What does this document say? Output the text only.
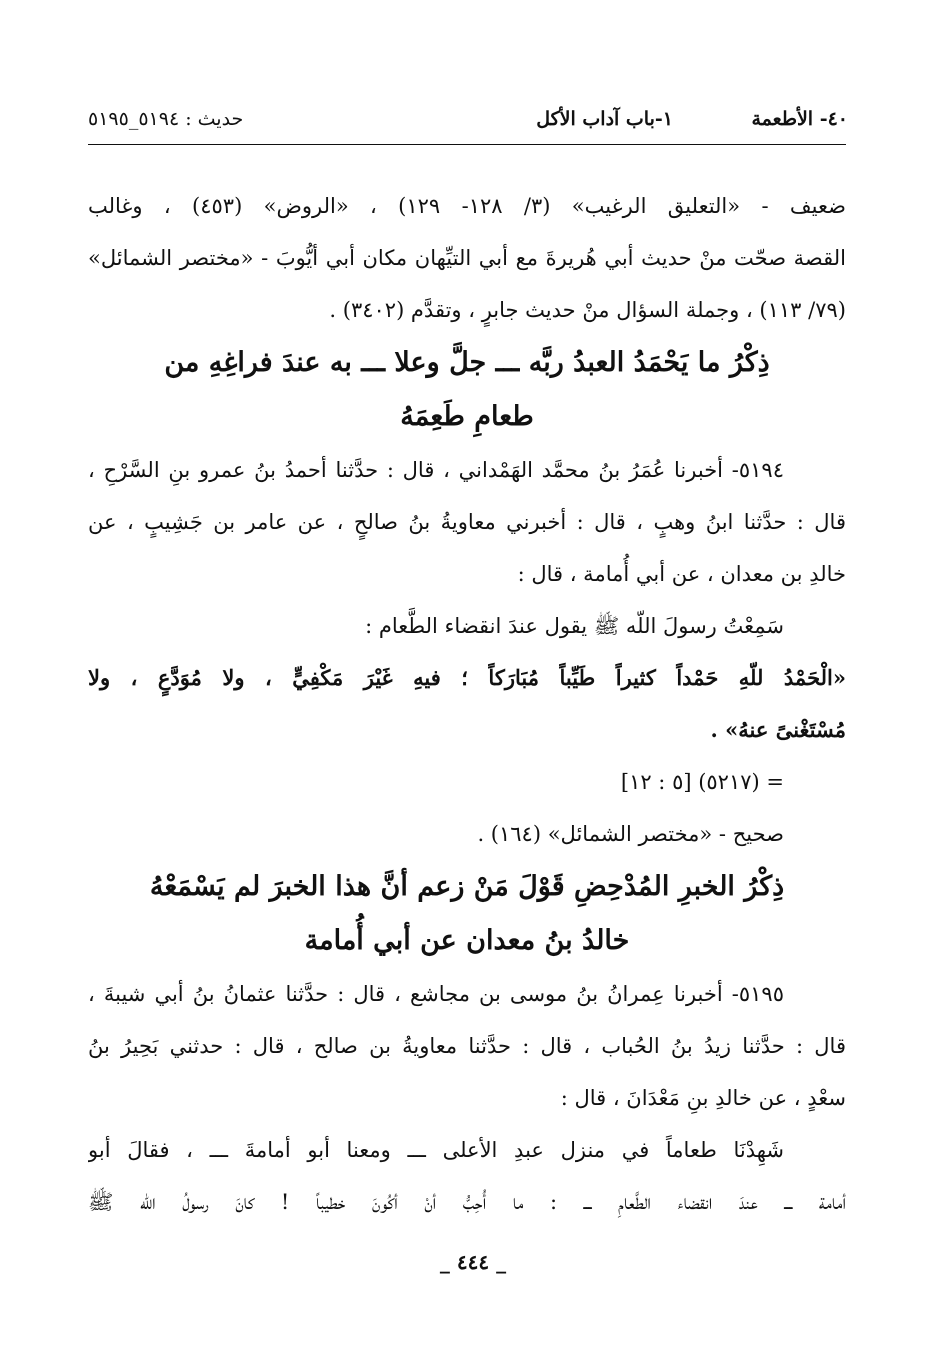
٤٠- الأطعمة
١-باب آداب الأكل
حديث : ٥١٩٤_٥١٩٥
ضعيف - «التعليق الرغيب» (٣/ ١٢٨- ١٢٩) ، «الروض» (٤٥٣) ، وغالب
القصة صحّت منْ حديث أبي هُريرةَ مع أبي التيِّهان مكان أبي أيُّوبَ - «مختصر الشمائل»
(٧٩/ ١١٣) ، وجملة السؤال منْ حديث جابرٍ ، وتقدَّم (٣٤٠٢) .
ذِكْرُ ما يَحْمَدُ العبدُ ربَّه ـــ جلَّ وعلا ـــ به عندَ فراغِهِ من
طعامِ طَعِمَهُ
٥١٩٤- أخبرنا عُمَرُ بنُ محمَّد الهَمْداني ، قال : حدَّثنا أحمدُ بنُ عمرو بنِ السَّرْحِ ،
قال : حدَّثنا ابنُ وهبٍ ، قال : أخبرني معاويةُ بنُ صالحٍ ، عن عامر بن جَشِيبٍ ، عن
خالدِ بن معدان ، عن أبي أُمامة ، قال :
سَمِعْتُ رسولَ اللّه ﷺ يقول عندَ انقضاء الطَّعام :
«الْحَمْدُ للّهِ حَمْداً كثيراً طَيِّباً مُبَارَكاً ؛ فيهِ غَيْرَ مَكْفِيٍّ ، ولا مُوَدَّعٍ ، ولا
مُسْتَغْنىً عنهُ» .
= (٥٢١٧) [٥ : ١٢]
صحيح - «مختصر الشمائل» (١٦٤) .
ذِكْرُ الخبرِ المُدْحِضِ قَوْلَ مَنْ زعم أنَّ هذا الخبرَ لم يَسْمَعْهُ
خالدُ بنُ معدان عن أبي أُمامة
٥١٩٥- أخبرنا عِمرانُ بنُ موسى بن مجاشع ، قال : حدَّثنا عثمانُ بنُ أبي شيبةَ ،
قال : حدَّثنا زيدُ بنُ الحُباب ، قال : حدَّثنا معاويةُ بن صالح ، قال : حدثني بَحِيرُ بنُ
سعْدٍ ، عن خالدِ بنِ مَعْدَانَ ، قال :
شَهِدْنَا طعاماً في منزل عبدِ الأعلى ـــ ومعنا أبو أمامةَ ـــ ، فقالَ أبو
أمامة ـــ عندَ انقضاء الطَّعامِ ـــ : ما أُحِبُّ أنْ أكُونَ خطيباً ! كانَ رسولُ اللّه ﷺ
_ ٤٤٤ _
